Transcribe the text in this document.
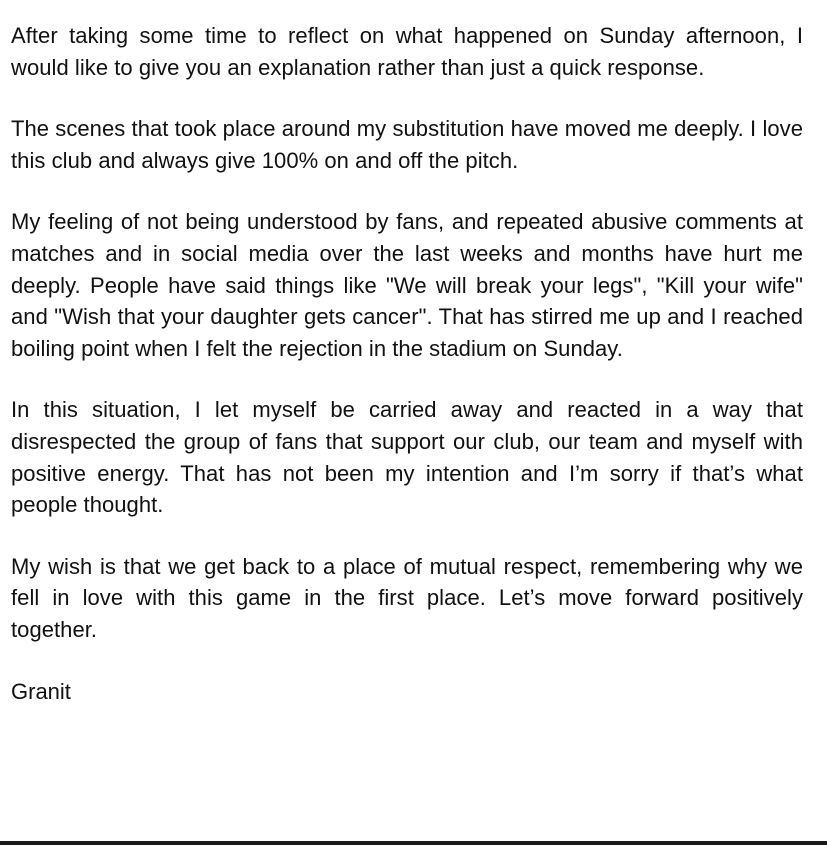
After taking some time to reflect on what happened on Sunday afternoon, I would like to give you an explanation rather than just a quick response.

The scenes that took place around my substitution have moved me deeply. I love this club and always give 100% on and off the pitch.

My feeling of not being understood by fans, and repeated abusive comments at matches and in social media over the last weeks and months have hurt me deeply. People have said things like "We will break your legs", "Kill your wife" and "Wish that your daughter gets cancer". That has stirred me up and I reached boiling point when I felt the rejection in the stadium on Sunday.

In this situation, I let myself be carried away and reacted in a way that disrespected the group of fans that support our club, our team and myself with positive energy. That has not been my intention and I’m sorry if that’s what people thought.

My wish is that we get back to a place of mutual respect, remembering why we fell in love with this game in the first place. Let’s move forward positively together.

Granit
